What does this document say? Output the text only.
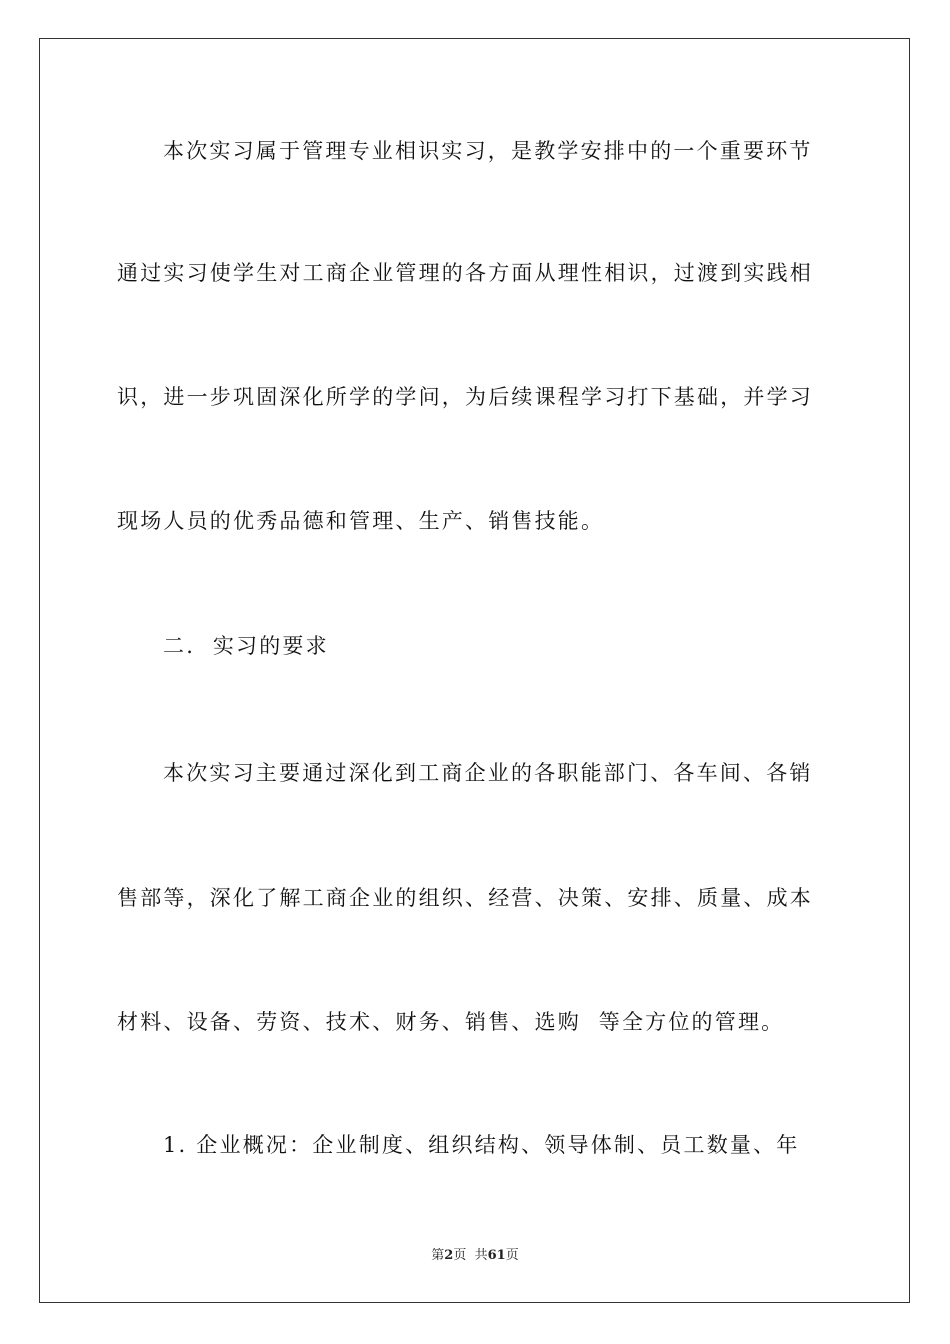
本次实习属于管理专业相识实习，是教学安排中的一个重要环节
通过实习使学生对工商企业管理的各方面从理性相识，过渡到实践相
识，进一步巩固深化所学的学问，为后续课程学习打下基础，并学习
现场人员的优秀品德和管理、生产、销售技能。
二.  实习的要求
本次实习主要通过深化到工商企业的各职能部门、各车间、各销
售部等，深化了解工商企业的组织、经营、决策、安排、质量、成本
材料、设备、劳资、技术、财务、销售、选购  等全方位的管理。
1. 企业概况：企业制度、组织结构、领导体制、员工数量、年
第2页  共61页
